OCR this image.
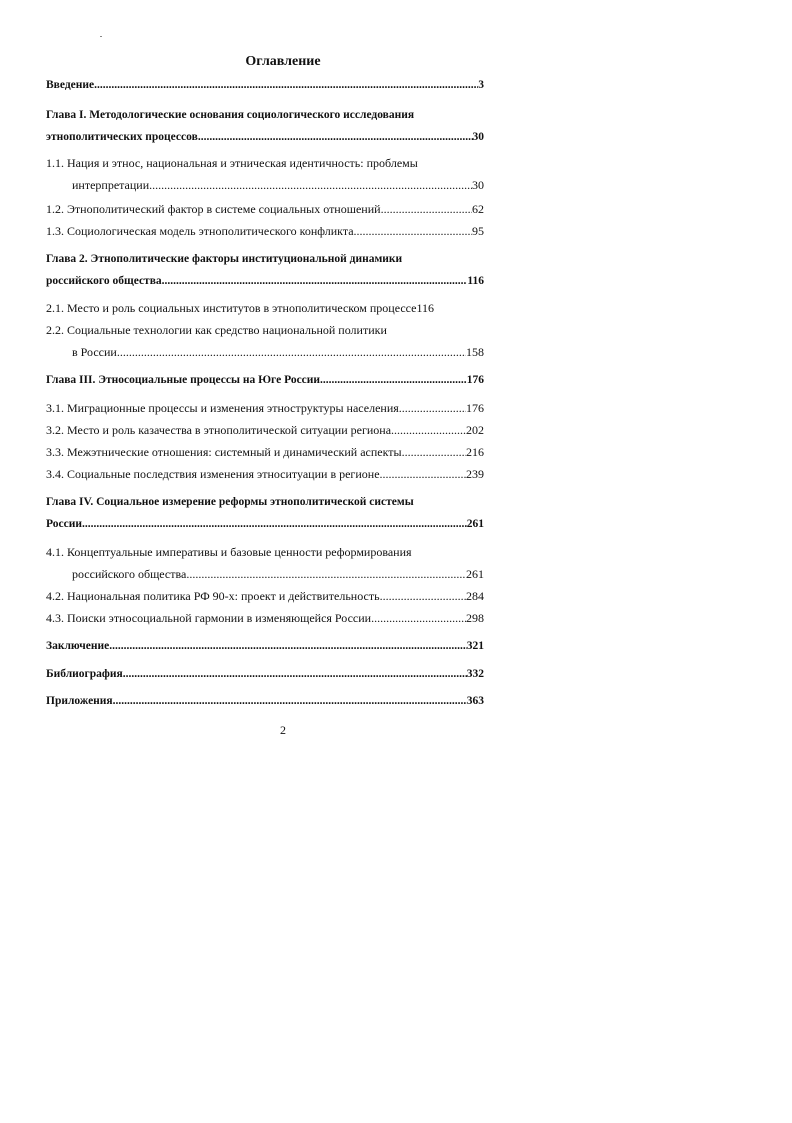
Оглавление
Введение .....	3
Глава I. Методологические основания социологического исследования
этнополитических процессов .....	30
1.1. Нация и этнос, национальная и этническая идентичность: проблемы
интерпретации .....	30
1.2. Этнополитический фактор в системе социальных отношений .....	62
1.3. Социологическая модель этнополитического конфликта .....	95
Глава 2. Этнополитические факторы институциональной динамики
российского общества .....	116
2.1. Место и роль социальных институтов в этнополитическом процессе 116
2.2. Социальные технологии как средство национальной политики
в России .....	158
Глава III. Этносоциальные процессы на Юге России .....	176
3.1. Миграционные процессы и изменения этноструктуры населения .....	176
3.2. Место и роль казачества в этнополитической ситуации региона .....	202
3.3. Межэтнические отношения: системный и динамический аспекты .....	216
3.4. Социальные последствия изменения этноситуации в регионе .....	239
Глава IV. Социальное измерение реформы этнополитической системы
России .....	261
4.1. Концептуальные императивы и базовые ценности реформирования
российского общества .....	261
4.2. Национальная политика РФ 90-х: проект и действительность .....	284
4.3. Поиски этносоциальной гармонии в изменяющейся России .....	298
Заключение .....	321
Библиография .....	332
Приложения .....	363
2
